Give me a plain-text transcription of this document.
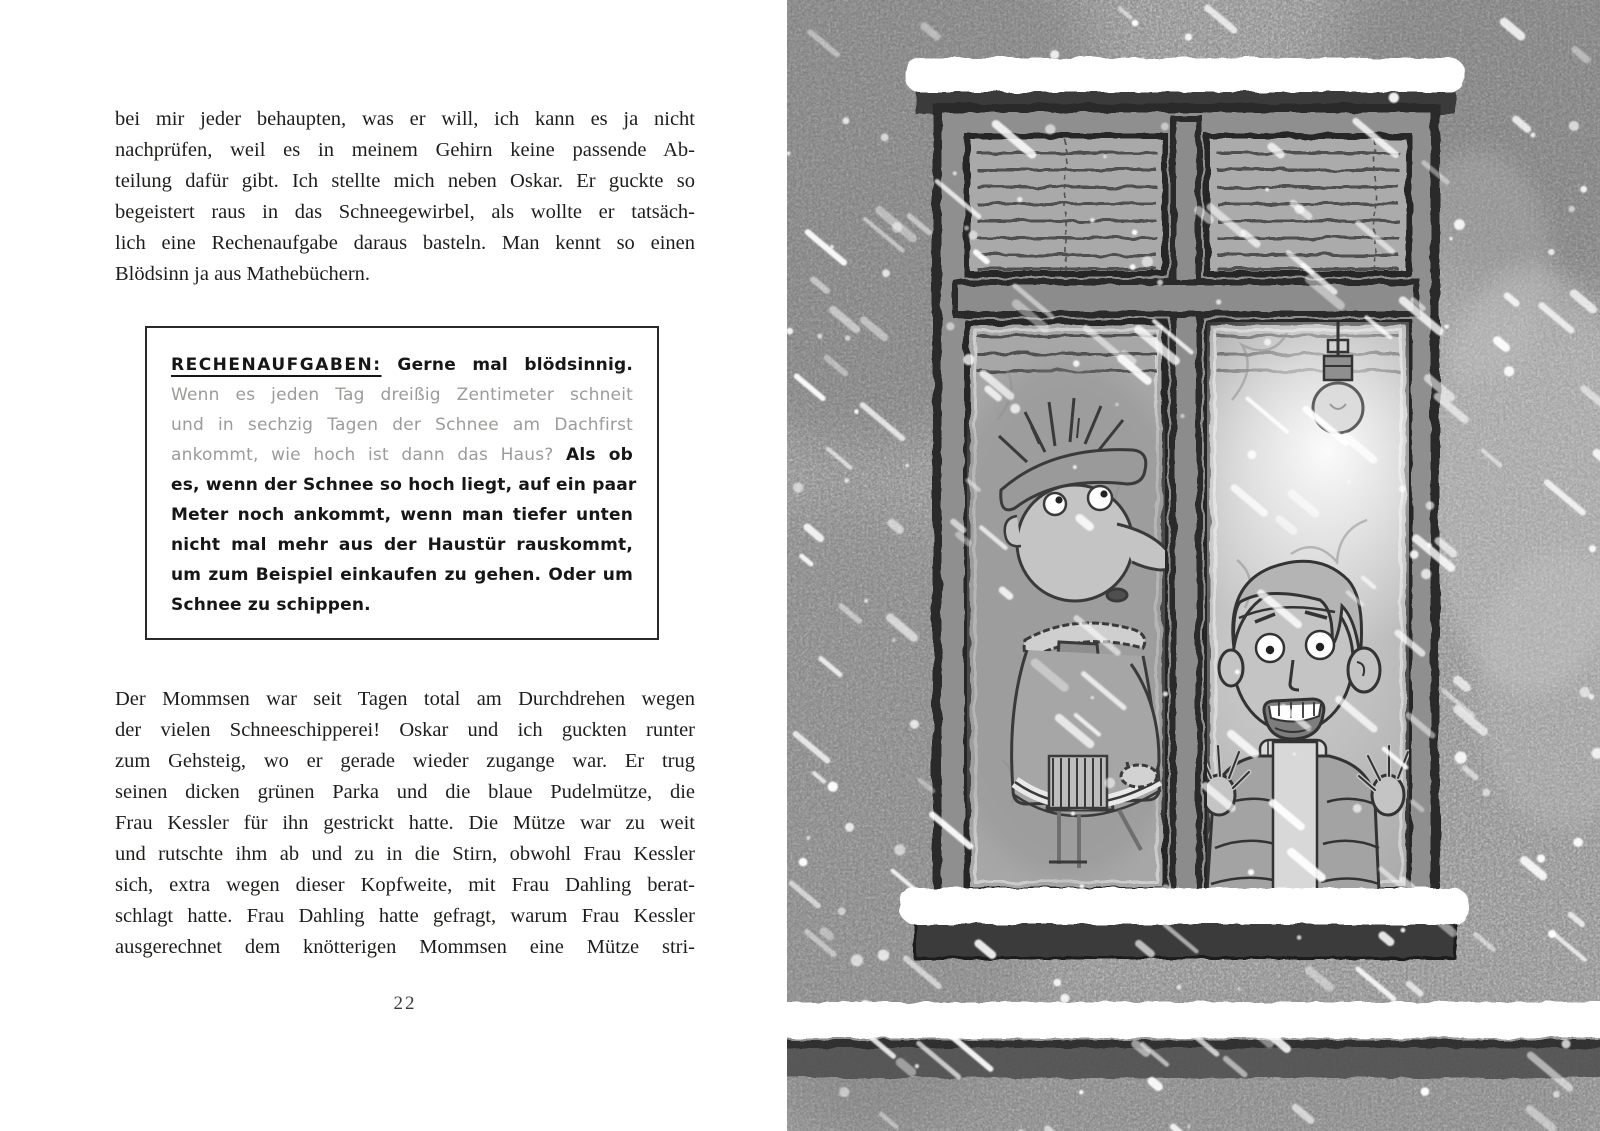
bei mir jeder behaupten, was er will, ich kann es ja nicht
nachprüfen, weil es in meinem Gehirn keine passende Ab-
teilung dafür gibt. Ich stellte mich neben Oskar. Er guckte so
begeistert raus in das Schneegewirbel, als wollte er tatsäch-
lich eine Rechenaufgabe daraus basteln. Man kennt so einen
Blödsinn ja aus Mathebüchern.
RECHENAUFGABEN: Gerne mal blödsinnig.
Wenn es jeden Tag dreißig Zentimeter schneit
und in sechzig Tagen der Schnee am Dachfirst
ankommt, wie hoch ist dann das Haus? Als ob
es, wenn der Schnee so hoch liegt, auf ein paar
Meter noch ankommt, wenn man tiefer unten
nicht mal mehr aus der Haustür rauskommt,
um zum Beispiel einkaufen zu gehen. Oder um
Schnee zu schippen.
Der Mommsen war seit Tagen total am Durchdrehen wegen
der vielen Schneeschipperei! Oskar und ich guckten runter
zum Gehsteig, wo er gerade wieder zugange war. Er trug
seinen dicken grünen Parka und die blaue Pudelmütze, die
Frau Kessler für ihn gestrickt hatte. Die Mütze war zu weit
und rutschte ihm ab und zu in die Stirn, obwohl Frau Kessler
sich, extra wegen dieser Kopfweite, mit Frau Dahling berat-
schlagt hatte. Frau Dahling hatte gefragt, warum Frau Kessler
ausgerechnet dem knötterigen Mommsen eine Mütze stri-
22
